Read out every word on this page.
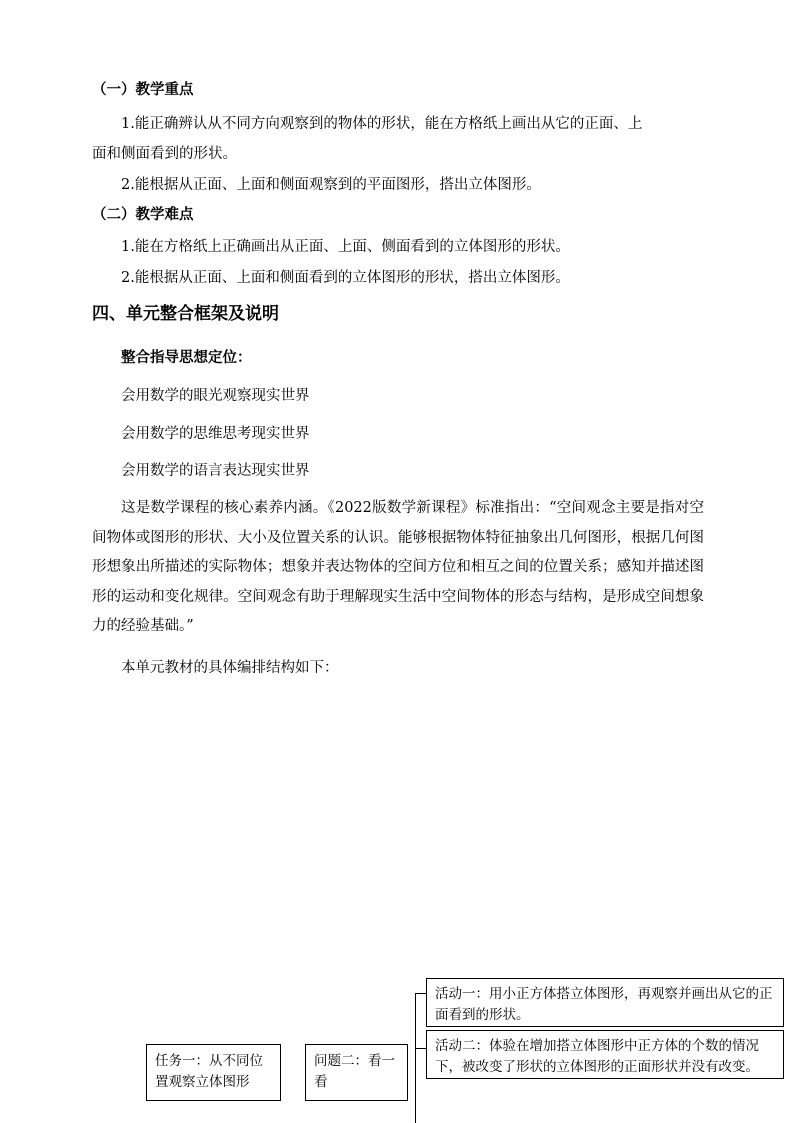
（一）教学重点
1.能正确辨认从不同方向观察到的物体的形状，能在方格纸上画出从它的正面、上
面和侧面看到的形状。
2.能根据从正面、上面和侧面观察到的平面图形，搭出立体图形。
（二）教学难点
1.能在方格纸上正确画出从正面、上面、侧面看到的立体图形的形状。
2.能根据从正面、上面和侧面看到的立体图形的形状，搭出立体图形。
四、单元整合框架及说明
整合指导思想定位：
会用数学的眼光观察现实世界
会用数学的思维思考现实世界
会用数学的语言表达现实世界
这是数学课程的核心素养内涵。《2022版数学新课程》标准指出：“空间观念主要是指对空间物体或图形的形状、大小及位置关系的认识。能够根据物体特征抽象出几何图形，根据几何图形想象出所描述的实际物体；想象并表达物体的空间方位和相互之间的位置关系；感知并描述图形的运动和变化规律。空间观念有助于理解现实生活中空间物体的形态与结构，是形成空间想象力的经验基础。”
本单元教材的具体编排结构如下：
任务一：从不同位置观察立体图形
问题二：看一看
活动一：用小正方体搭立体图形，再观察并画出从它的正面看到的形状。
活动二：体验在增加搭立体图形中正方体的个数的情况下，被改变了形状的立体图形的正面形状并没有改变。
